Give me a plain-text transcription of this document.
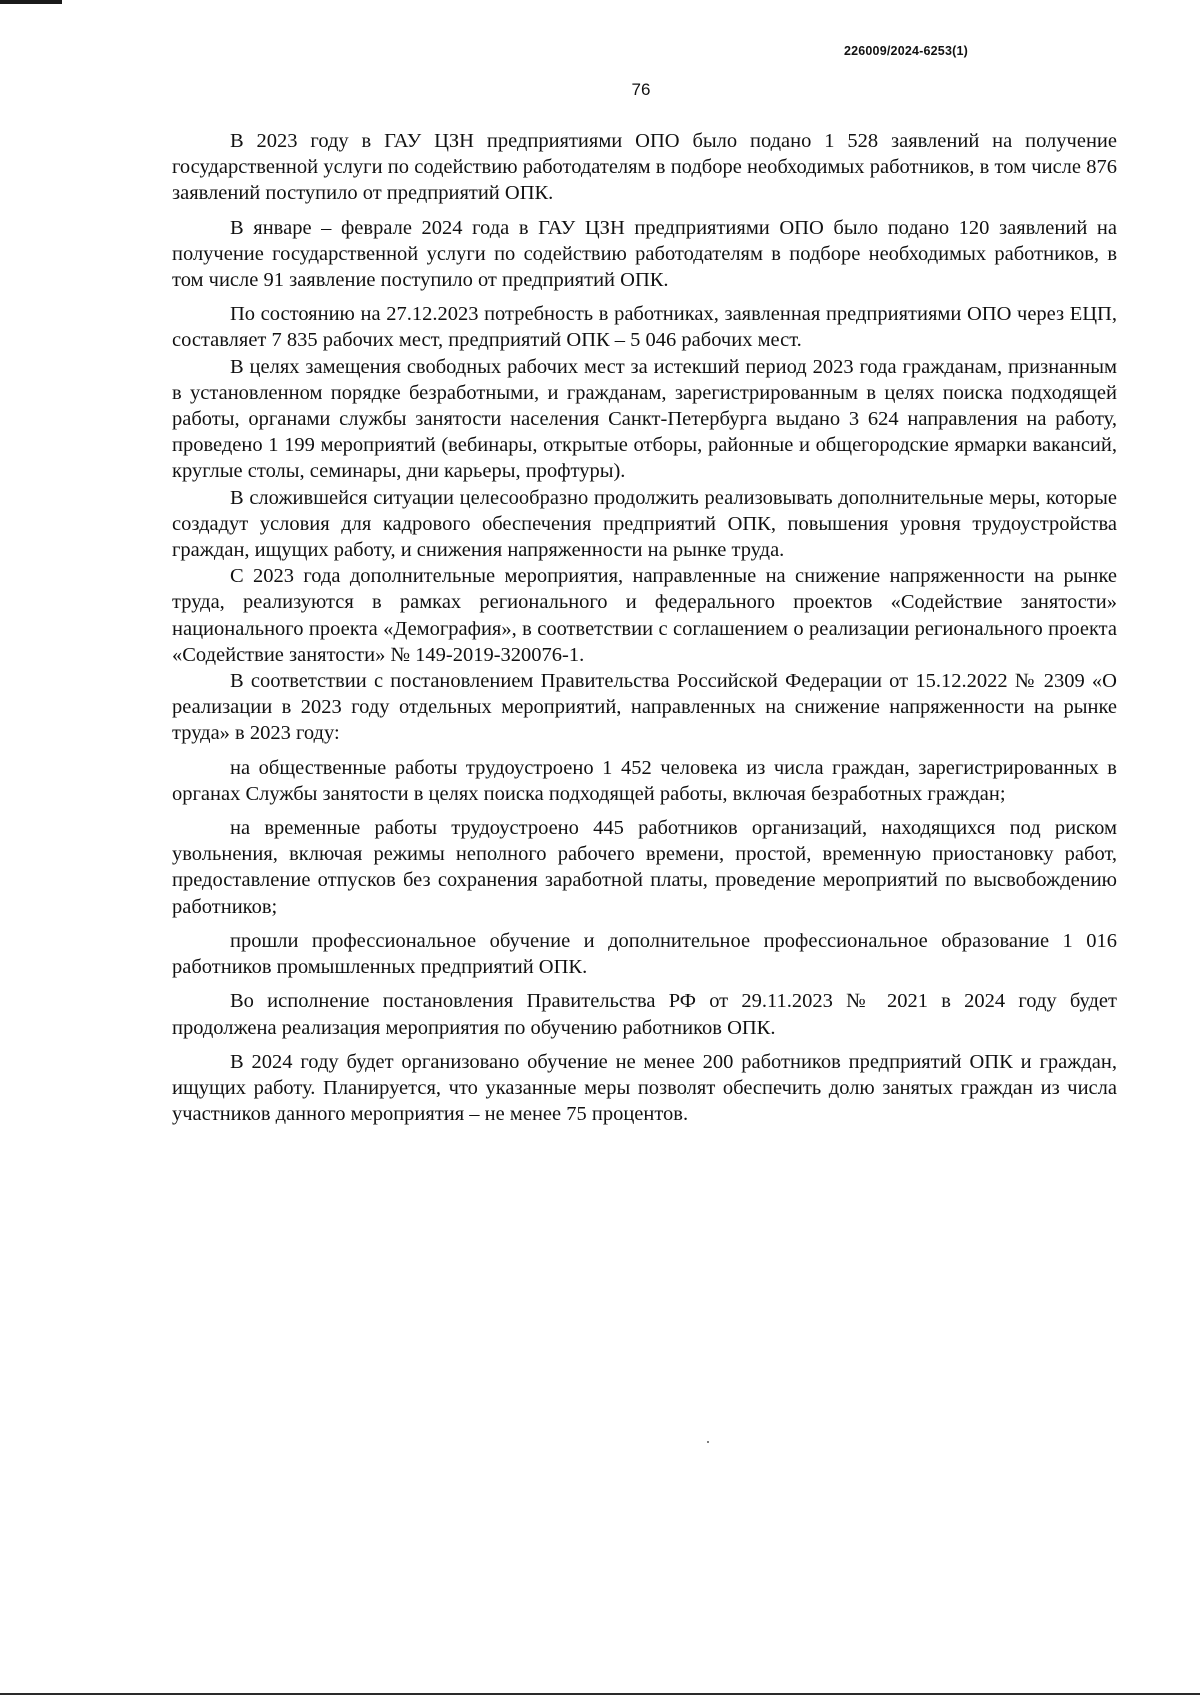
226009/2024-6253(1)
76

В 2023 году в ГАУ ЦЗН предприятиями ОПО было подано 1 528 заявлений на получение государственной услуги по содействию работодателям в подборе необходимых работников, в том числе 876 заявлений поступило от предприятий ОПК.

В январе – феврале 2024 года в ГАУ ЦЗН предприятиями ОПО было подано 120 заявлений на получение государственной услуги по содействию работодателям в подборе необходимых работников, в том числе 91 заявление поступило от предприятий ОПК.

По состоянию на 27.12.2023 потребность в работниках, заявленная предприятиями ОПО через ЕЦП, составляет 7 835 рабочих мест, предприятий ОПК – 5 046 рабочих мест.

В целях замещения свободных рабочих мест за истекший период 2023 года гражданам, признанным в установленном порядке безработными, и гражданам, зарегистрированным в целях поиска подходящей работы, органами службы занятости населения Санкт-Петербурга выдано 3 624 направления на работу, проведено 1 199 мероприятий (вебинары, открытые отборы, районные и общегородские ярмарки вакансий, круглые столы, семинары, дни карьеры, профтуры).

В сложившейся ситуации целесообразно продолжить реализовывать дополнительные меры, которые создадут условия для кадрового обеспечения предприятий ОПК, повышения уровня трудоустройства граждан, ищущих работу, и снижения напряженности на рынке труда.

С 2023 года дополнительные мероприятия, направленные на снижение напряженности на рынке труда, реализуются в рамках регионального и федерального проектов «Содействие занятости» национального проекта «Демография», в соответствии с соглашением о реализации регионального проекта «Содействие занятости» № 149-2019-320076-1.

В соответствии с постановлением Правительства Российской Федерации от 15.12.2022 № 2309 «О реализации в 2023 году отдельных мероприятий, направленных на снижение напряженности на рынке труда» в 2023 году:

на общественные работы трудоустроено 1 452 человека из числа граждан, зарегистрированных в органах Службы занятости в целях поиска подходящей работы, включая безработных граждан;

на временные работы трудоустроено 445 работников организаций, находящихся под риском увольнения, включая режимы неполного рабочего времени, простой, временную приостановку работ, предоставление отпусков без сохранения заработной платы, проведение мероприятий по высвобождению работников;

прошли профессиональное обучение и дополнительное профессиональное образование 1 016 работников промышленных предприятий ОПК.

Во исполнение постановления Правительства РФ от 29.11.2023 № 2021 в 2024 году будет продолжена реализация мероприятия по обучению работников ОПК.

В 2024 году будет организовано обучение не менее 200 работников предприятий ОПК и граждан, ищущих работу. Планируется, что указанные меры позволят обеспечить долю занятых граждан из числа участников данного мероприятия – не менее 75 процентов.
